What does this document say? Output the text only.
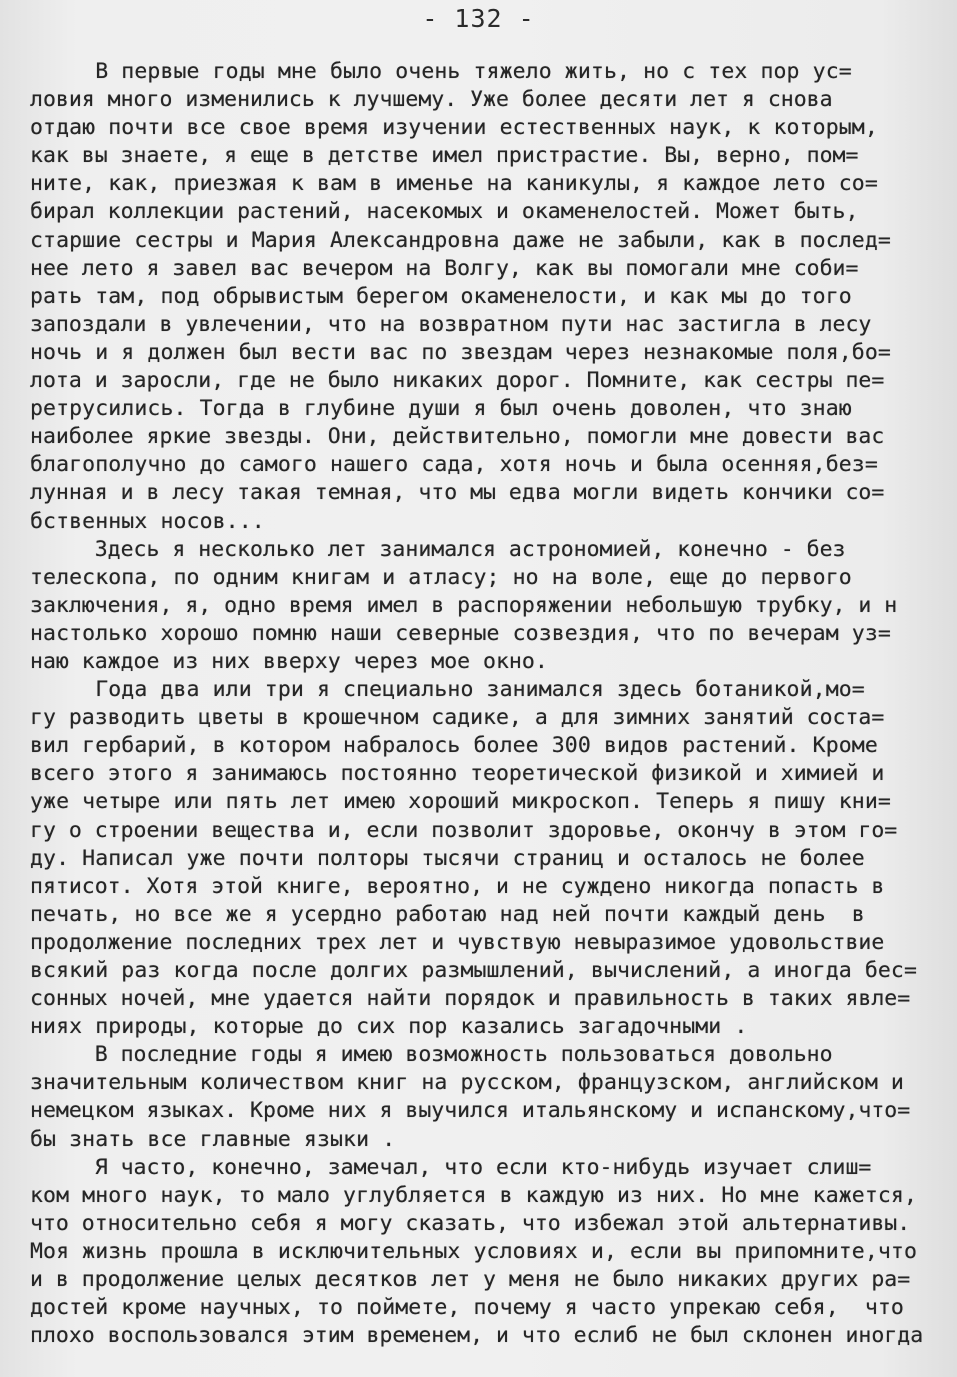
- 132 -
В первые годы мне было очень тяжело жить, но с тех пор ус=
ловия много изменились к лучшему. Уже более десяти лет я снова
отдаю почти все свое время изучении естественных наук, к которым,
как вы знаете, я еще в детстве имел пристрастие. Вы, верно, пом=
ните, как, приезжая к вам в именье на каникулы, я каждое лето со=
бирал коллекции растений, насекомых и окаменелостей. Может быть,
старшие сестры и Мария Александровна даже не забыли, как в послед=
нее лето я завел вас вечером на Волгу, как вы помогали мне соби=
рать там, под обрывистым берегом окаменелости, и как мы до того
запоздали в увлечении, что на возвратном пути нас застигла в лесу
ночь и я должен был вести вас по звездам через незнакомые поля,бо=
лота и заросли, где не было никаких дорог. Помните, как сестры пе=
ретрусились. Тогда в глубине души я был очень доволен, что знаю
наиболее яркие звезды. Они, действительно, помогли мне довести вас
благополучно до самого нашего сада, хотя ночь и была осенняя,без=
лунная и в лесу такая темная, что мы едва могли видеть кончики со=
бственных носов...
Здесь я несколько лет занимался астрономией, конечно - без
телескопа, по одним книгам и атласу; но на воле, еще до первого
заключения, я, одно время имел в распоряжении небольшую трубку, и н
настолько хорошо помню наши северные созвездия, что по вечерам уз=
наю каждое из них вверху через мое окно.
Года два или три я специально занимался здесь ботаникой,мо=
гу разводить цветы в крошечном садике, а для зимних занятий соста=
вил гербарий, в котором набралось более 300 видов растений. Кроме
всего этого я занимаюсь постоянно теоретической физикой и химией и
уже четыре или пять лет имею хороший микроскоп. Теперь я пишу кни=
гу о строении вещества и, если позволит здоровье, окончу в этом го=
ду. Написал уже почти полторы тысячи страниц и осталось не более
пятисот. Хотя этой книге, вероятно, и не суждено никогда попасть в
печать, но все же я усердно работаю над ней почти каждый день  в
продолжение последних трех лет и чувствую невыразимое удовольствие
всякий раз когда после долгих размышлений, вычислений, а иногда бес=
сонных ночей, мне удается найти порядок и правильность в таких явле=
ниях природы, которые до сих пор казались загадочными .
В последние годы я имею возможность пользоваться довольно
значительным количеством книг на русском, французском, английском и
немецком языках. Кроме них я выучился итальянскому и испанскому,что=
бы знать все главные языки .
Я часто, конечно, замечал, что если кто-нибудь изучает слиш=
ком много наук, то мало углубляется в каждую из них. Но мне кажется,
что относительно себя я могу сказать, что избежал этой альтернативы.
Моя жизнь прошла в исключительных условиях и, если вы припомните,что
и в продолжение целых десятков лет у меня не было никаких других ра=
достей кроме научных, то поймете, почему я часто упрекаю себя,  что
плохо воспользовался этим временем, и что еслиб не был склонен иногда
